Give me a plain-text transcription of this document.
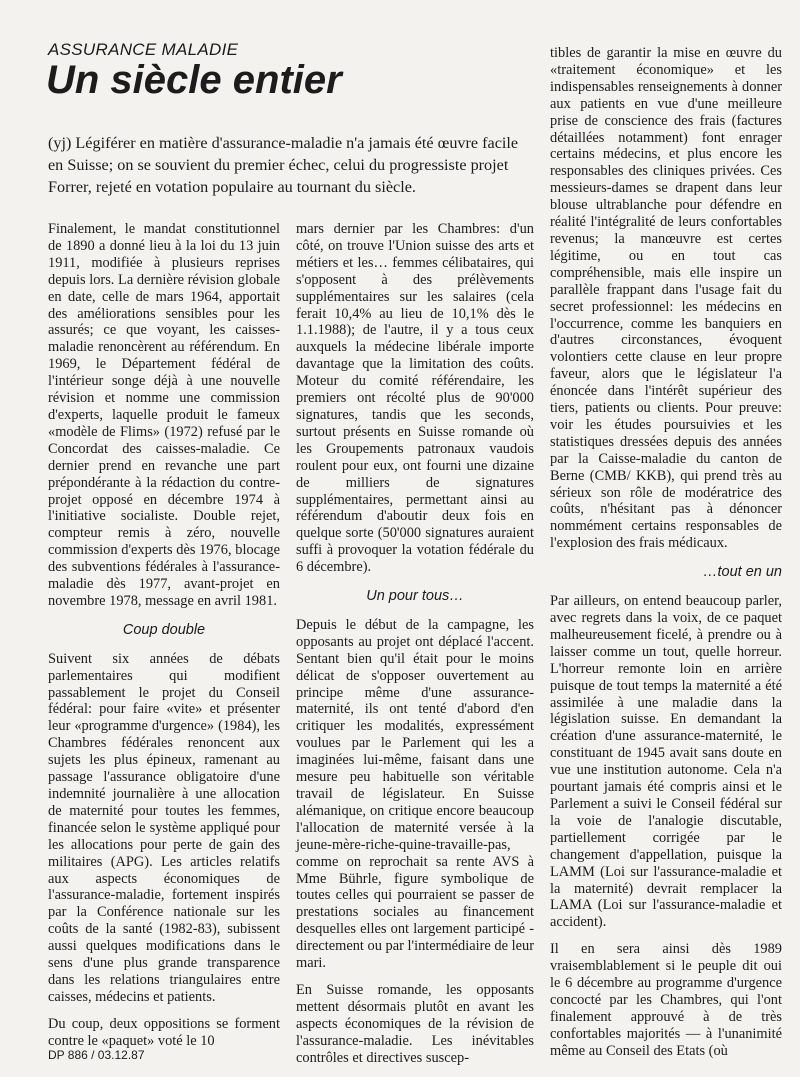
ASSURANCE MALADIE

Un siècle entier

(yj) Légiférer en matière d'assurance-maladie n'a jamais été œuvre facile en Suisse; on se souvient du premier échec, celui du progressiste projet Forrer, rejeté en votation populaire au tournant du siècle.

Finalement, le mandat constitutionnel de 1890 a donné lieu à la loi du 13 juin 1911, modifiée à plusieurs reprises depuis lors. La dernière révision globale en date, celle de mars 1964, apportait des améliorations sensibles pour les assurés; ce que voyant, les caisses-maladie renoncèrent au référendum. En 1969, le Département fédéral de l'intérieur songe déjà à une nouvelle révision et nomme une commission d'experts, laquelle produit le fameux «modèle de Flims» (1972) refusé par le Concordat des caisses-maladie. Ce dernier prend en revanche une part prépondérante à la rédaction du contre-projet opposé en décembre 1974 à l'initiative socialiste. Double rejet, compteur remis à zéro, nouvelle commission d'experts dès 1976, blocage des subventions fédérales à l'assurance-maladie dès 1977, avant-projet en novembre 1978, message en avril 1981.

Coup double

Suivent six années de débats parlementaires qui modifient passablement le projet du Conseil fédéral: pour faire «vite» et présenter leur «programme d'urgence» (1984), les Chambres fédérales renoncent aux sujets les plus épineux, ramenant au passage l'assurance obligatoire d'une indemnité journalière à une allocation de maternité pour toutes les femmes, financée selon le système appliqué pour les allocations pour perte de gain des militaires (APG). Les articles relatifs aux aspects économiques de l'assurance-maladie, fortement inspirés par la Conférence nationale sur les coûts de la santé (1982-83), subissent aussi quelques modifications dans le sens d'une plus grande transparence dans les relations triangulaires entre caisses, médecins et patients.

Du coup, deux oppositions se forment contre le «paquet» voté le 10

mars dernier par les Chambres: d'un côté, on trouve l'Union suisse des arts et métiers et les… femmes célibataires, qui s'opposent à des prélèvements supplémentaires sur les salaires (cela ferait 10,4% au lieu de 10,1% dès le 1.1.1988); de l'autre, il y a tous ceux auxquels la médecine libérale importe davantage que la limitation des coûts. Moteur du comité référendaire, les premiers ont récolté plus de 90'000 signatures, tandis que les seconds, surtout présents en Suisse romande où les Groupements patronaux vaudois roulent pour eux, ont fourni une dizaine de milliers de signatures supplémentaires, permettant ainsi au référendum d'aboutir deux fois en quelque sorte (50'000 signatures auraient suffi à provoquer la votation fédérale du 6 décembre).

Un pour tous…

Depuis le début de la campagne, les opposants au projet ont déplacé l'accent. Sentant bien qu'il était pour le moins délicat de s'opposer ouvertement au principe même d'une assurance-maternité, ils ont tenté d'abord d'en critiquer les modalités, expressément voulues par le Parlement qui les a imaginées lui-même, faisant dans une mesure peu habituelle son véritable travail de législateur. En Suisse alémanique, on critique encore beaucoup l'allocation de maternité versée à la jeune-mère-riche-quine-travaille-pas, comme on reprochait sa rente AVS à Mme Bührle, figure symbolique de toutes celles qui pourraient se passer de prestations sociales au financement desquelles elles ont largement participé - directement ou par l'intermédiaire de leur mari.

En Suisse romande, les opposants mettent désormais plutôt en avant les aspects économiques de la révision de l'assurance-maladie. Les inévitables contrôles et directives suscep-

tibles de garantir la mise en œuvre du «traitement économique» et les indispensables renseignements à donner aux patients en vue d'une meilleure prise de conscience des frais (factures détaillées notamment) font enrager certains médecins, et plus encore les responsables des cliniques privées. Ces messieurs-dames se drapent dans leur blouse ultrablanche pour défendre en réalité l'intégralité de leurs confortables revenus; la manœuvre est certes légitime, ou en tout cas compréhensible, mais elle inspire un parallèle frappant dans l'usage fait du secret professionnel: les médecins en l'occurrence, comme les banquiers en d'autres circonstances, évoquent volontiers cette clause en leur propre faveur, alors que le législateur l'a énoncée dans l'intérêt supérieur des tiers, patients ou clients. Pour preuve: voir les études poursuivies et les statistiques dressées depuis des années par la Caisse-maladie du canton de Berne (CMB/ KKB), qui prend très au sérieux son rôle de modératrice des coûts, n'hésitant pas à dénoncer nommément certains responsables de l'explosion des frais médicaux.

…tout en un

Par ailleurs, on entend beaucoup parler, avec regrets dans la voix, de ce paquet malheureusement ficelé, à prendre ou à laisser comme un tout, quelle horreur. L'horreur remonte loin en arrière puisque de tout temps la maternité a été assimilée à une maladie dans la législation suisse. En demandant la création d'une assurance-maternité, le constituant de 1945 avait sans doute en vue une institution autonome. Cela n'a pourtant jamais été compris ainsi et le Parlement a suivi le Conseil fédéral sur la voie de l'analogie discutable, partiellement corrigée par le changement d'appellation, puisque la LAMM (Loi sur l'assurance-maladie et la maternité) devrait remplacer la LAMA (Loi sur l'assurance-maladie et accident).

Il en sera ainsi dès 1989 vraisemblablement si le peuple dit oui le 6 décembre au programme d'urgence concocté par les Chambres, qui l'ont finalement approuvé à de très confortables majorités — à l'unanimité même au Conseil des Etats (où

DP 886 / 03.12.87
